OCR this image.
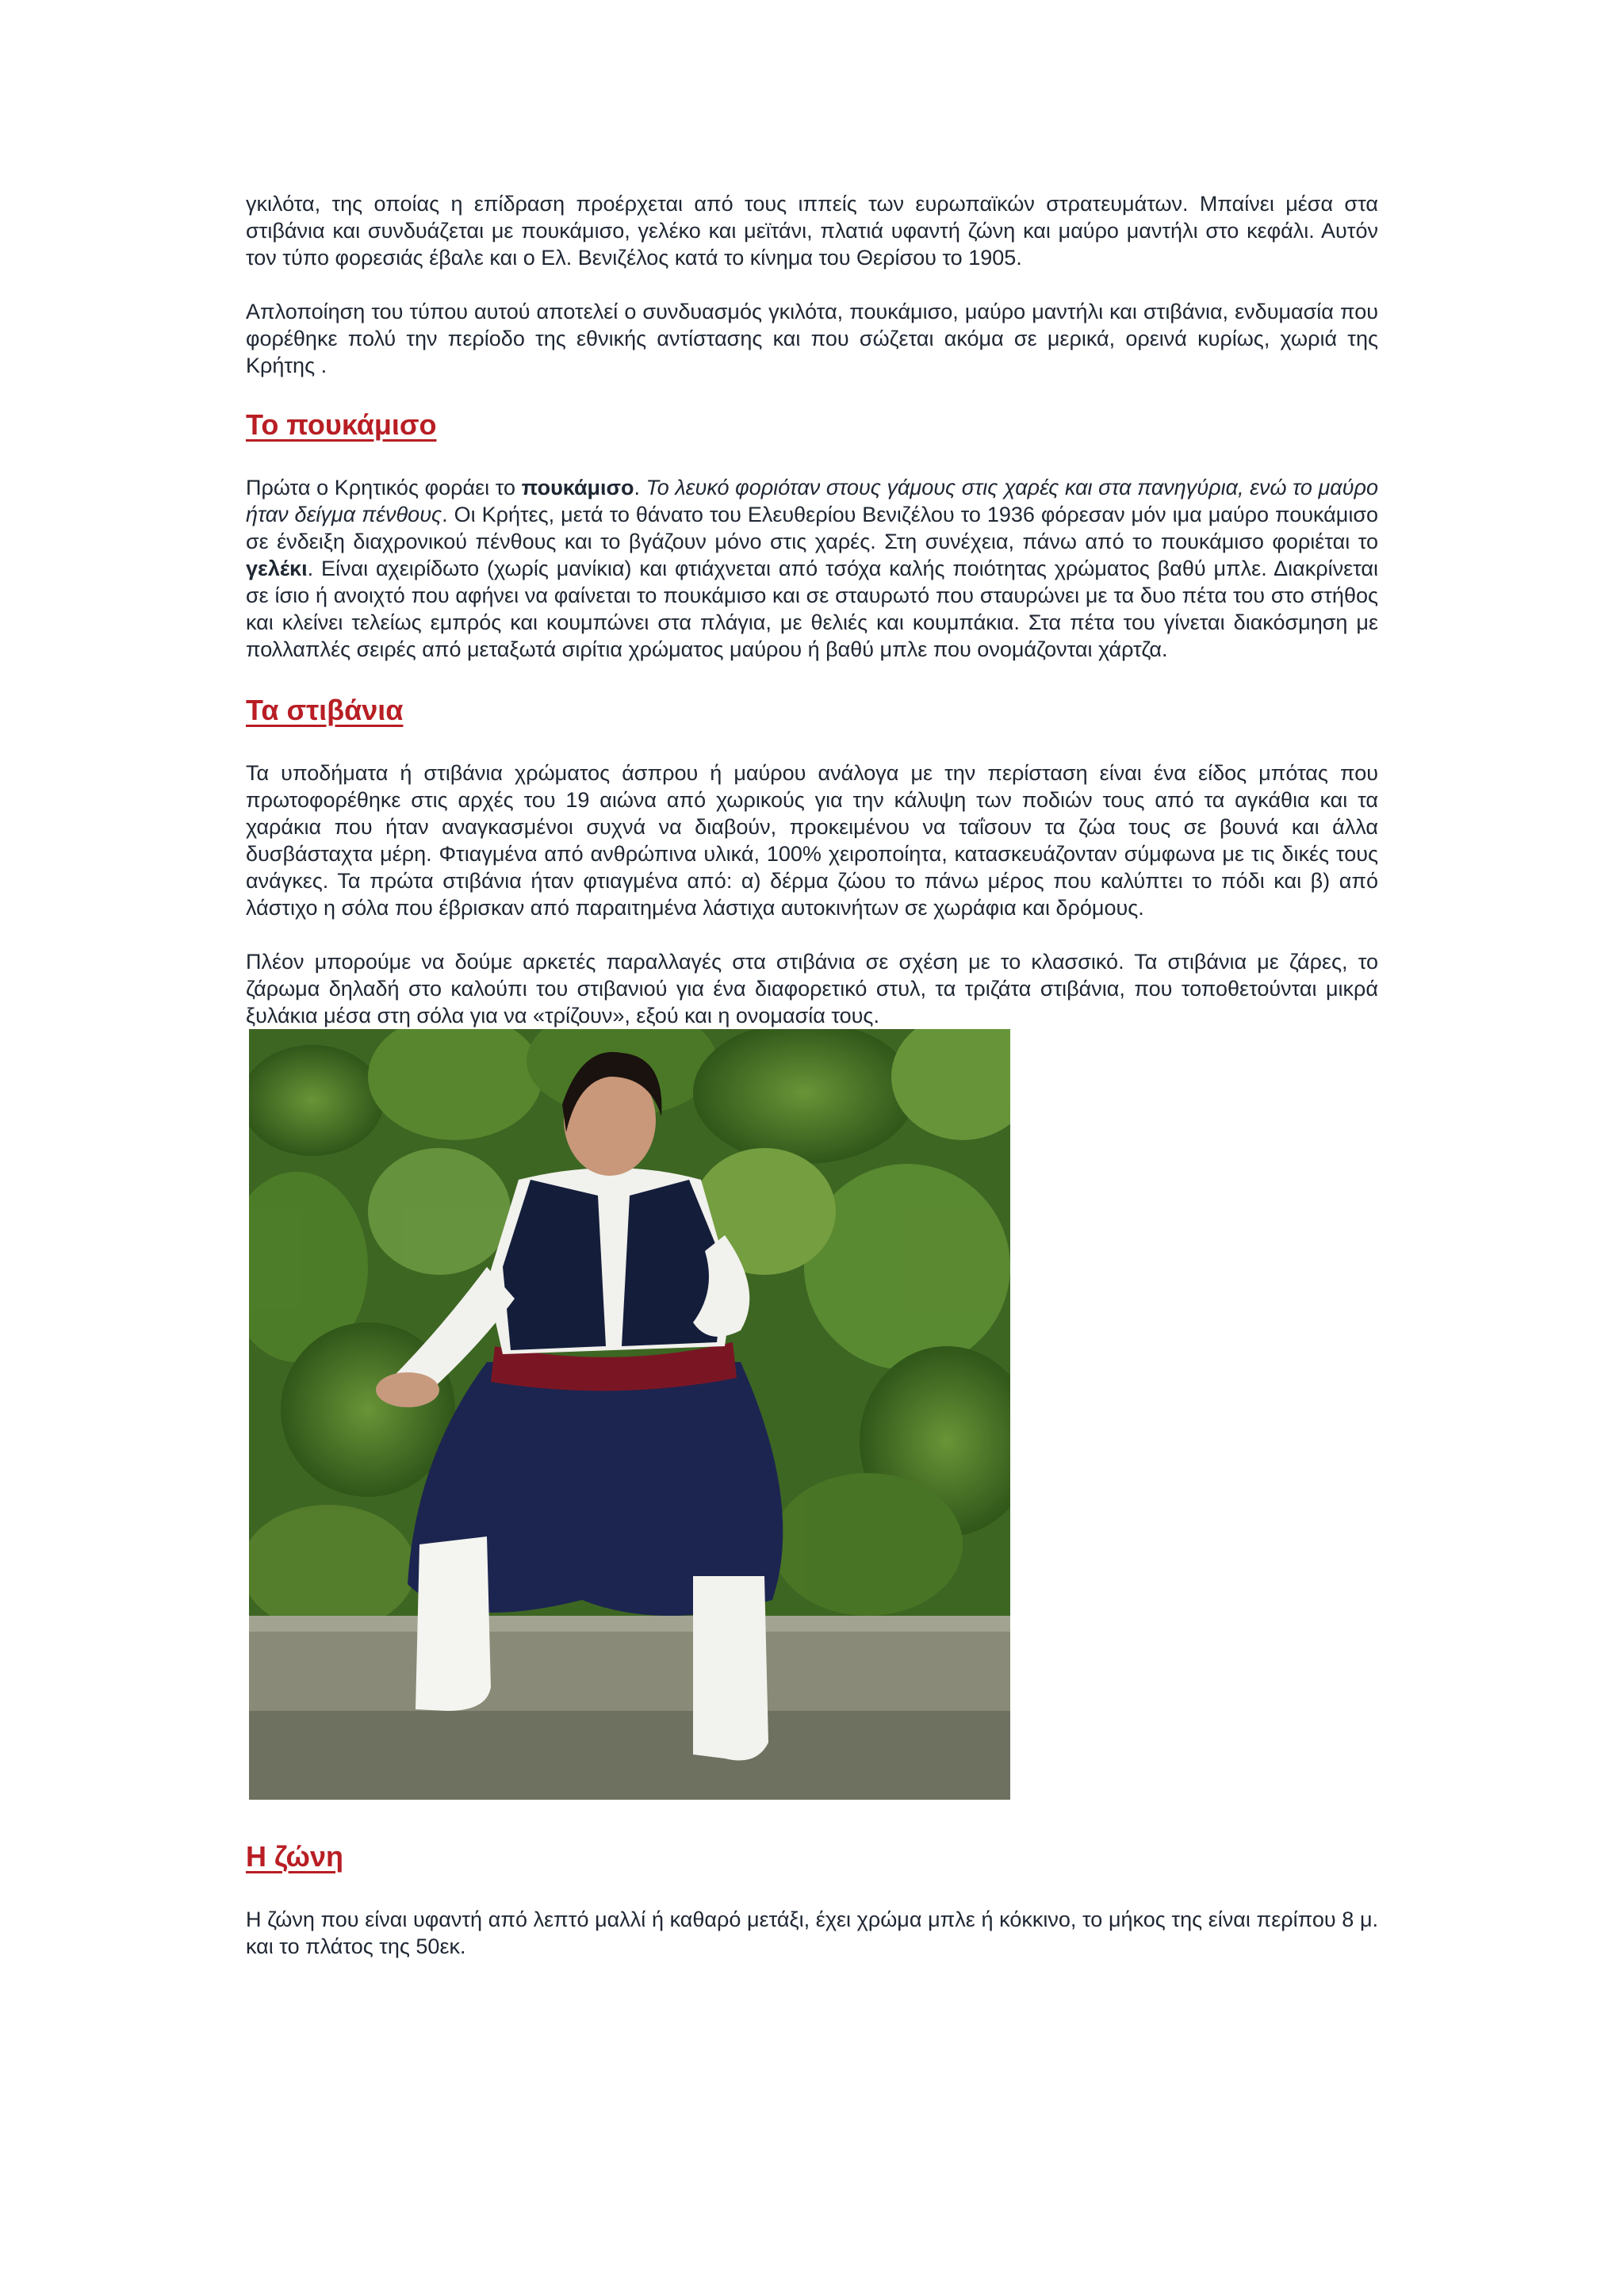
γκιλότα, της οποίας η επίδραση προέρχεται από τους ιππείς των ευρωπαϊκών στρατευμάτων. Μπαίνει μέσα στα στιβάνια και συνδυάζεται με πουκάμισο, γελέκο και μεϊτάνι, πλατιά υφαντή ζώνη και μαύρο μαντήλι στο κεφάλι. Αυτόν τον τύπο φορεσιάς έβαλε και ο Ελ. Βενιζέλος κατά το κίνημα του Θερίσου το 1905.

Απλοποίηση του τύπου αυτού αποτελεί ο συνδυασμός γκιλότα, πουκάμισο, μαύρο μαντήλι και στιβάνια, ενδυμασία που φορέθηκε πολύ την περίοδο της εθνικής αντίστασης και που σώζεται ακόμα σε μερικά, ορεινά κυρίως, χωριά της Κρήτης .

Το πουκάμισο

Πρώτα ο Κρητικός φοράει το πουκάμισο. Το λευκό φοριόταν στους γάμους στις χαρές και στα πανηγύρια, ενώ το μαύρο ήταν δείγμα πένθους. Οι Κρήτες, μετά το θάνατο του Ελευθερίου Βενιζέλου το 1936 φόρεσαν μόν ιμα μαύρο πουκάμισο σε ένδειξη διαχρονικού πένθους και το βγάζουν μόνο στις χαρές. Στη συνέχεια, πάνω από το πουκάμισο φοριέται το γελέκι. Είναι αχειρίδωτο (χωρίς μανίκια) και φτιάχνεται από τσόχα καλής ποιότητας χρώματος βαθύ μπλε. Διακρίνεται σε ίσιο ή ανοιχτό που αφήνει να φαίνεται το πουκάμισο και σε σταυρωτό που σταυρώνει με τα δυο πέτα του στο στήθος και κλείνει τελείως εμπρός και κουμπώνει στα πλάγια, με θελιές και κουμπάκια. Στα πέτα του γίνεται διακόσμηση με πολλαπλές σειρές από μεταξωτά σιρίτια χρώματος μαύρου ή βαθύ μπλε που ονομάζονται χάρτζα.

Τα στιβάνια

Τα υποδήματα ή στιβάνια χρώματος άσπρου ή μαύρου ανάλογα με την περίσταση είναι ένα είδος μπότας που πρωτοφορέθηκε στις αρχές του 19 αιώνα από χωρικούς για την κάλυψη των ποδιών τους από τα αγκάθια και τα χαράκια που ήταν αναγκασμένοι συχνά να διαβούν, προκειμένου να ταΐσουν τα ζώα τους σε βουνά και άλλα δυσβάσταχτα μέρη. Φτιαγμένα από ανθρώπινα υλικά, 100% χειροποίητα, κατασκευάζονταν σύμφωνα με τις δικές τους ανάγκες. Τα πρώτα στιβάνια ήταν φτιαγμένα από: α) δέρμα ζώου το πάνω μέρος που καλύπτει το πόδι και β) από λάστιχο η σόλα που έβρισκαν από παραιτημένα λάστιχα αυτοκινήτων σε χωράφια και δρόμους.

Πλέον μπορούμε να δούμε αρκετές παραλλαγές στα στιβάνια σε σχέση με το κλασσικό. Τα στιβάνια με ζάρες, το ζάρωμα δηλαδή στο καλούπι του στιβανιού για ένα διαφορετικό στυλ, τα τριζάτα στιβάνια, που τοποθετούνται μικρά ξυλάκια μέσα στη σόλα για να «τρίζουν», εξού και η ονομασία τους.

Η ζώνη

Η ζώνη που είναι υφαντή από λεπτό μαλλί ή καθαρό μετάξι, έχει χρώμα μπλε ή κόκκινο, το μήκος της είναι περίπου 8 μ. και το πλάτος της 50εκ.
